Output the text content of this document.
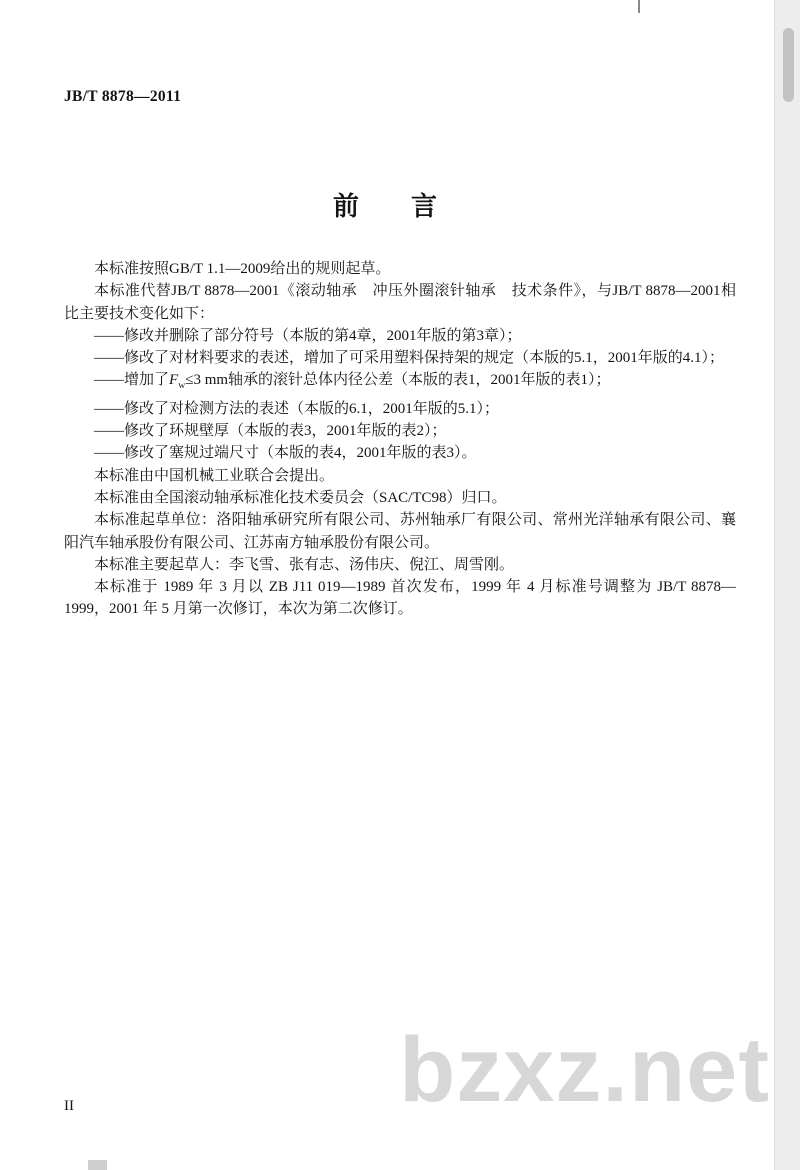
JB/T 8878—2011
前　　言

本标准按照GB/T 1.1—2009给出的规则起草。

本标准代替JB/T 8878—2001《滚动轴承　冲压外圈滚针轴承　技术条件》，与JB/T 8878—2001相比主要技术变化如下：

——修改并删除了部分符号（本版的第4章，2001年版的第3章）；

——修改了对材料要求的表述，增加了可采用塑料保持架的规定（本版的5.1，2001年版的4.1）；

——增加了$F_w\le 3$ mm轴承的滚针总体内径公差（本版的表1，2001年版的表1）；

——修改了对检测方法的表述（本版的6.1，2001年版的5.1）；

——修改了环规壁厚（本版的表3，2001年版的表2）；

——修改了塞规过端尺寸（本版的表4，2001年版的表3）。

本标准由中国机械工业联合会提出。

本标准由全国滚动轴承标准化技术委员会（SAC/TC98）归口。

本标准起草单位：洛阳轴承研究所有限公司、苏州轴承厂有限公司、常州光洋轴承有限公司、襄阳汽车轴承股份有限公司、江苏南方轴承股份有限公司。

本标准主要起草人：李飞雪、张有志、汤伟庆、倪江、周雪刚。

本标准于 1989 年 3 月以 ZB J11 019—1989 首次发布，1999 年 4 月标准号调整为 JB/T 8878—1999，2001 年 5 月第一次修订，本次为第二次修订。

II	bzxz.net
